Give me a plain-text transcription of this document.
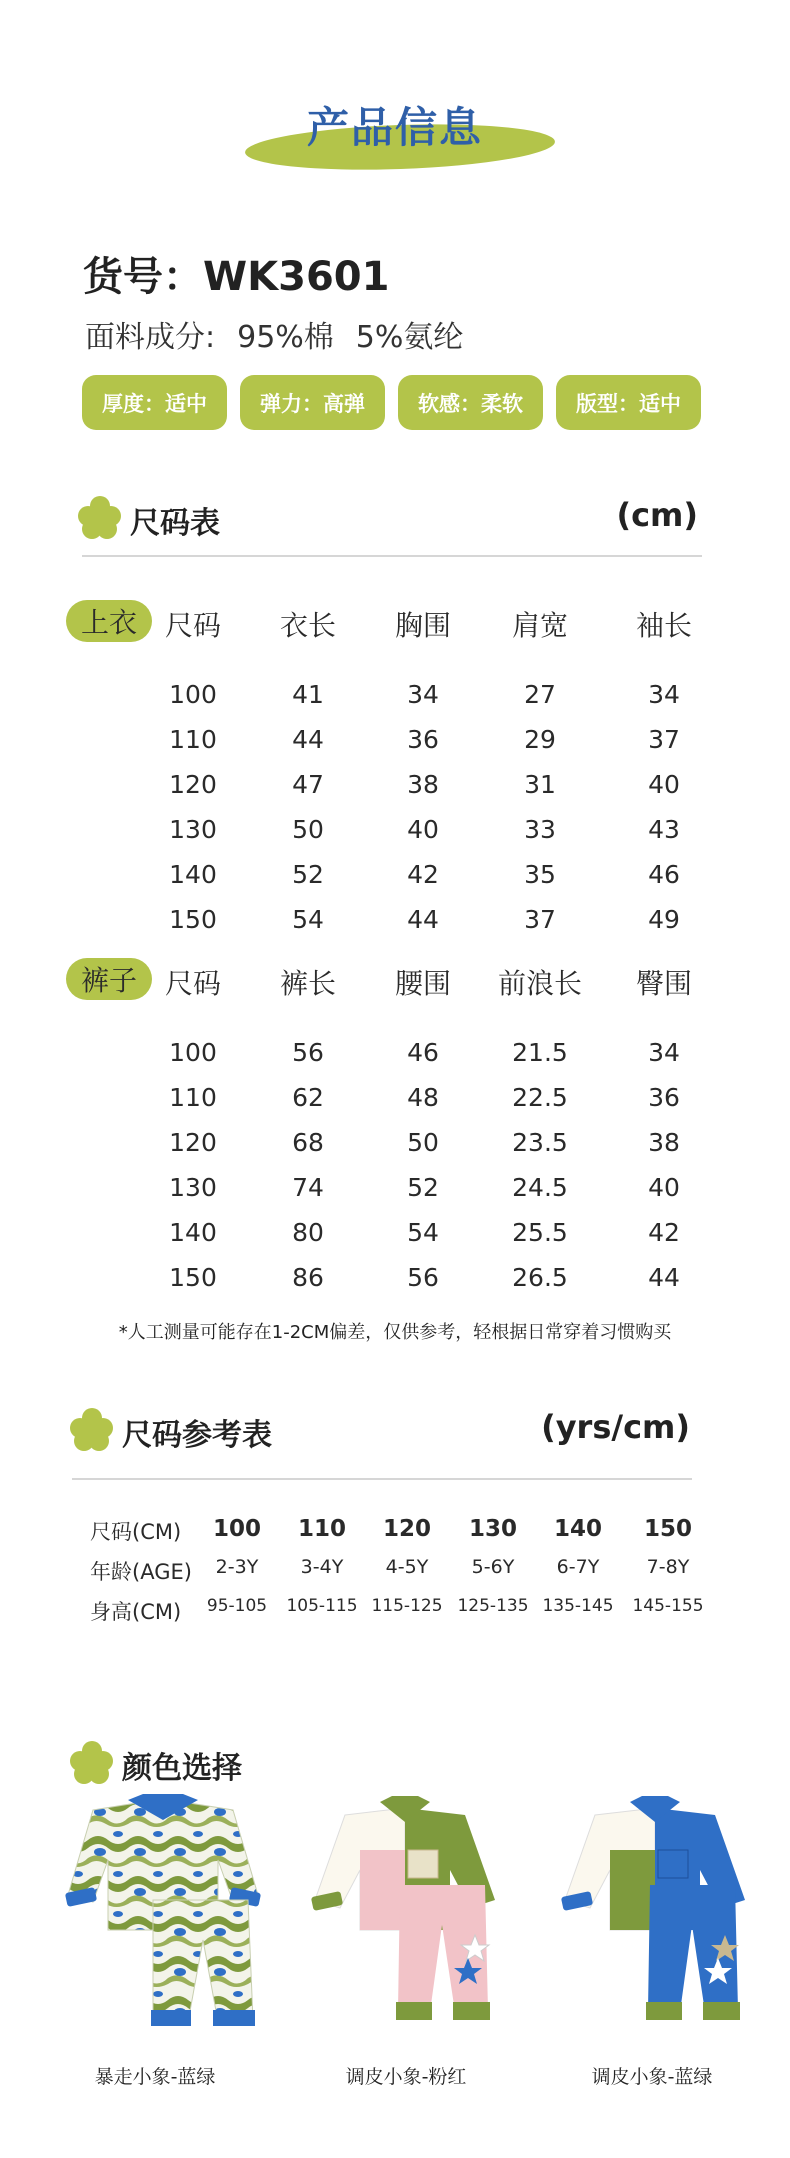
产品信息
货号：WK3601
面料成分: 95%棉 5%氨纶
厚度：适中	弹力：高弹	软感：柔软	版型：适中
尺码表	(cm)
上衣 尺码	衣长	胸围	肩宽	袖长
100	41	34	27	34
110	44	36	29	37
120	47	38	31	40
130	50	40	33	43
140	52	42	35	46
150	54	44	37	49
裤子 尺码	裤长	腰围	前浪长	臀围
100	56	46	21.5	34
110	62	48	22.5	36
120	68	50	23.5	38
130	74	52	24.5	40
140	80	54	25.5	42
150	86	56	26.5	44
*人工测量可能存在1-2CM偏差，仅供参考，轻根据日常穿着习惯购买
尺码参考表	(yrs/cm)
尺码(CM)	100	110	120	130	140	150
年龄(AGE)	2-3Y	3-4Y	4-5Y	5-6Y	6-7Y	7-8Y
身高(CM)	95-105	105-115 115-125 125-135 135-145	145-155
颜色选择
暴走小象-蓝绿	调皮小象-粉红	调皮小象-蓝绿
